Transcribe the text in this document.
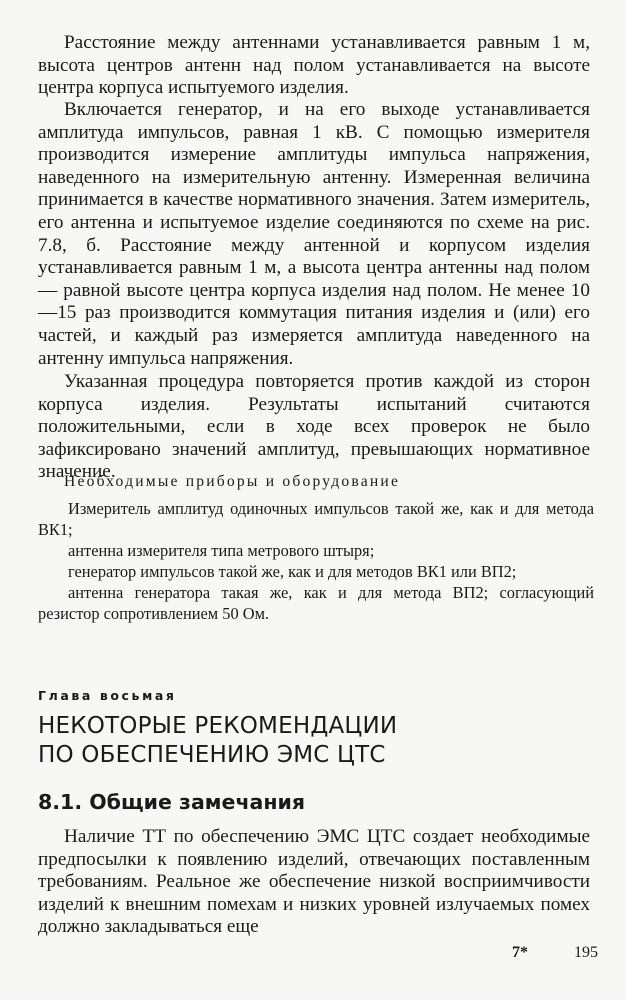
Расстояние между антеннами устанавливается равным 1 м, высота центров антенн над полом устанавливается на высоте центра корпуса испытуемого изделия.
Включается генератор, и на его выходе устанавливается амплитуда импульсов, равная 1 кВ. С помощью измерителя производится измерение амплитуды импульса напряжения, наведенного на измерительную антенну. Измеренная величина принимается в качестве нормативного значения. Затем измеритель, его антенна и испытуемое изделие соединяются по схеме на рис. 7.8, б. Расстояние между антенной и корпусом изделия устанавливается равным 1 м, а высота центра антенны над полом — равной высоте центра корпуса изделия над полом. Не менее 10—15 раз производится коммутация питания изделия и (или) его частей, и каждый раз измеряется амплитуда наведенного на антенну импульса напряжения.
Указанная процедура повторяется против каждой из сторон корпуса изделия. Результаты испытаний считаются положительными, если в ходе всех проверок не было зафиксировано значений амплитуд, превышающих нормативное значение.
Необходимые приборы и оборудование
Измеритель амплитуд одиночных импульсов такой же, как и для метода ВК1;
антенна измерителя типа метрового штыря;
генератор импульсов такой же, как и для методов ВК1 или ВП2;
антенна генератора такая же, как и для метода ВП2; согласующий резистор сопротивлением 50 Ом.
Глава восьмая
НЕКОТОРЫЕ РЕКОМЕНДАЦИИ
ПО ОБЕСПЕЧЕНИЮ ЭМС ЦТС
8.1. Общие замечания
Наличие ТТ по обеспечению ЭМС ЦТС создает необходимые предпосылки к появлению изделий, отвечающих поставленным требованиям. Реальное же обеспечение низкой восприимчивости изделий к внешним помехам и низких уровней излучаемых помех должно закладываться еще
7*	195
